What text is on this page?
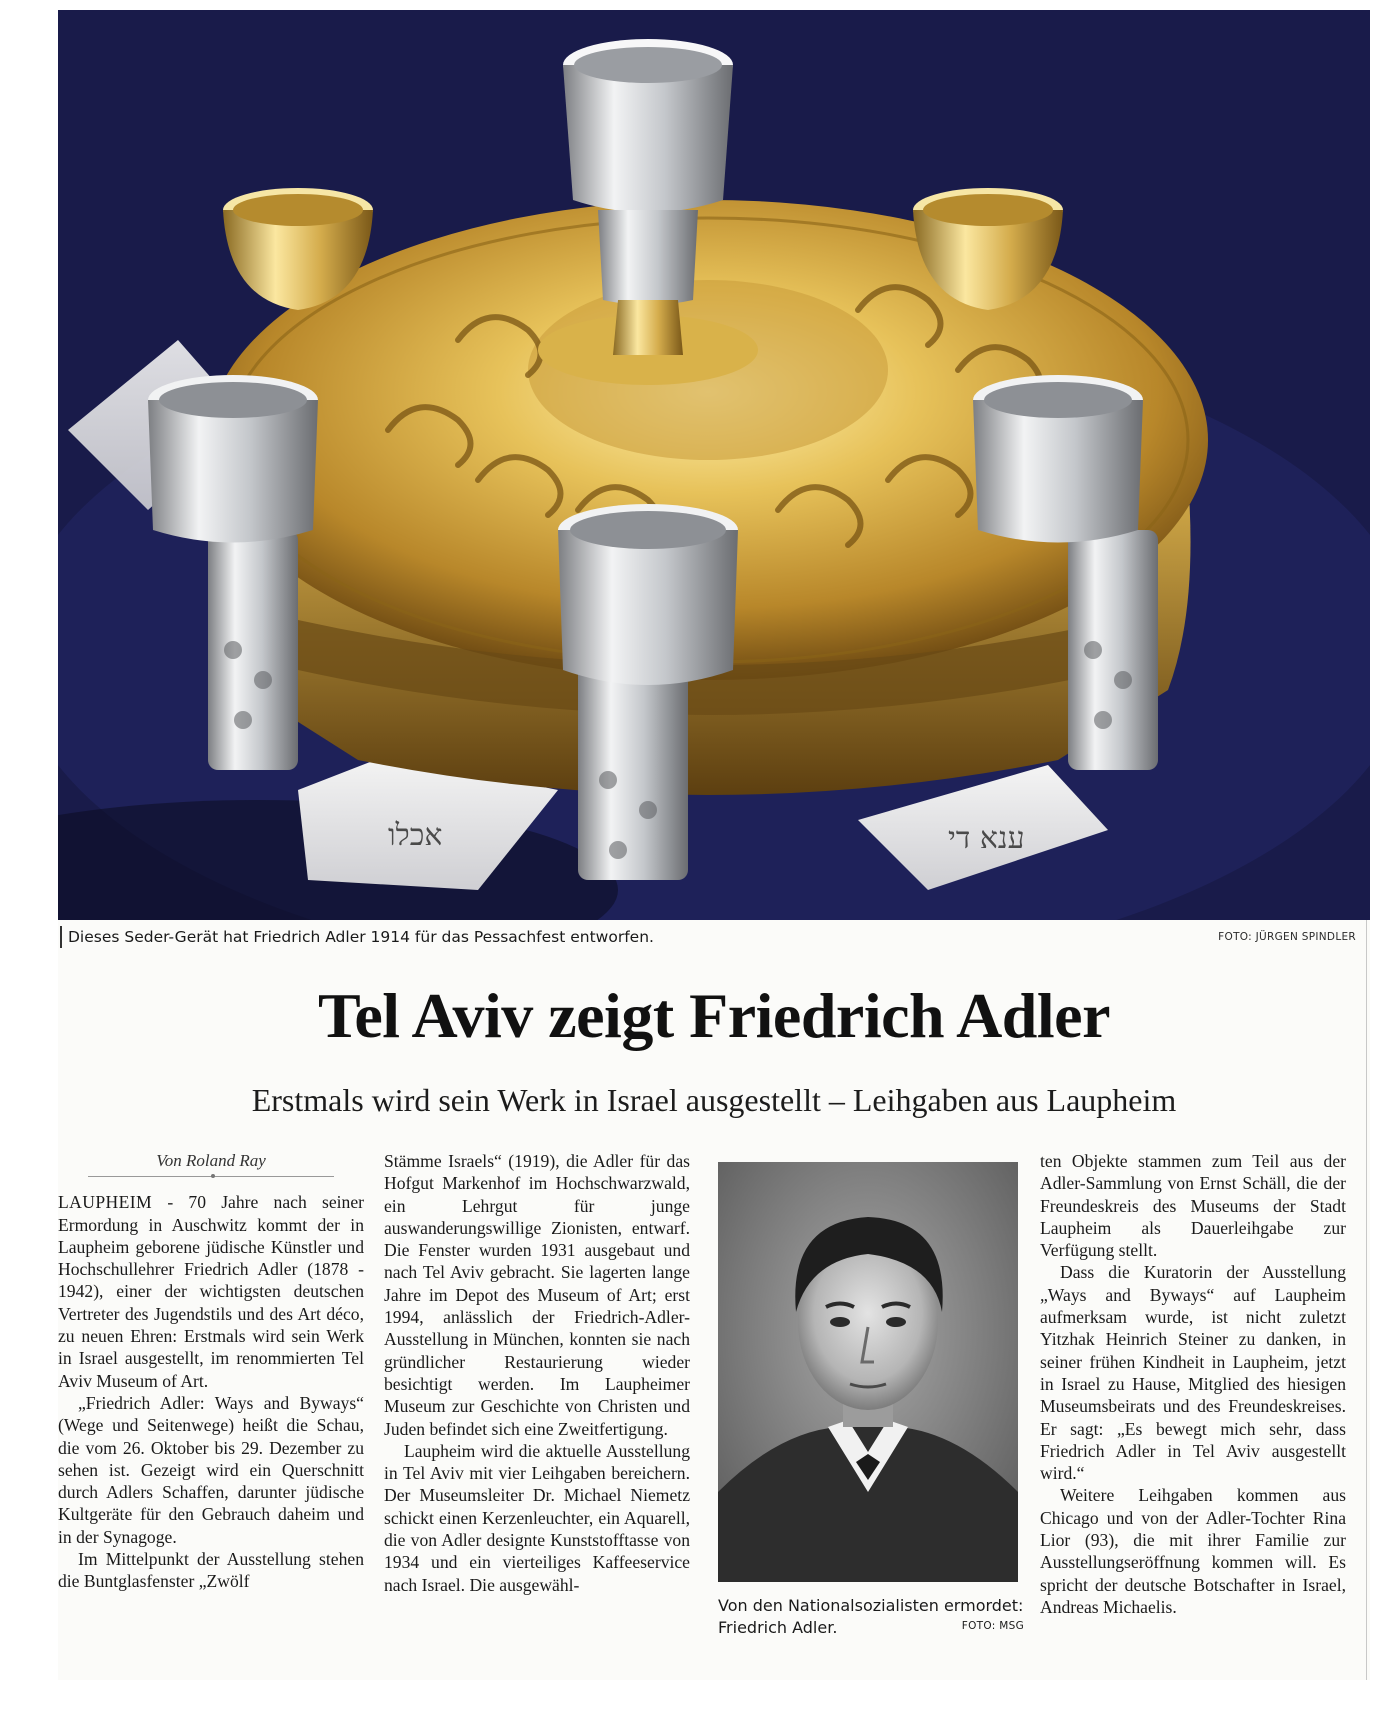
אכלו	ענא די
Dieses Seder-Gerät hat Friedrich Adler 1914 für das Pessachfest entworfen.	FOTO: JÜRGEN SPINDLER
Tel Aviv zeigt Friedrich Adler
Erstmals wird sein Werk in Israel ausgestellt – Leihgaben aus Laupheim

Von Roland Ray

LAUPHEIM - 70 Jahre nach seiner Ermordung in Auschwitz kommt der in Laupheim geborene jüdische Künstler und Hochschullehrer Friedrich Adler (1878 - 1942), einer der wichtigsten deutschen Vertreter des Jugendstils und des Art déco, zu neuen Ehren: Erstmals wird sein Werk in Israel ausgestellt, im renommierten Tel Aviv Museum of Art.

„Friedrich Adler: Ways and Byways“ (Wege und Seitenwege) heißt die Schau, die vom 26. Oktober bis 29. Dezember zu sehen ist. Gezeigt wird ein Querschnitt durch Adlers Schaffen, darunter jüdische Kultgeräte für den Gebrauch daheim und in der Synagoge.

Im Mittelpunkt der Ausstellung stehen die Buntglasfenster „Zwölf

Stämme Israels“ (1919), die Adler für das Hofgut Markenhof im Hochschwarzwald, ein Lehrgut für junge auswanderungswillige Zionisten, entwarf. Die Fenster wurden 1931 ausgebaut und nach Tel Aviv gebracht. Sie lagerten lange Jahre im Depot des Museum of Art; erst 1994, anlässlich der Friedrich-Adler-Ausstellung in München, konnten sie nach gründlicher Restaurierung wieder besichtigt werden. Im Laupheimer Museum zur Geschichte von Christen und Juden befindet sich eine Zweitfertigung.

Laupheim wird die aktuelle Ausstellung in Tel Aviv mit vier Leihgaben bereichern. Der Museumsleiter Dr. Michael Niemetz schickt einen Kerzenleuchter, ein Aquarell, die von Adler designte Kunststofftasse von 1934 und ein vierteiliges Kaffeeservice nach Israel. Die ausgewähl-

Von den Nationalsozialisten ermordet: Friedrich Adler.	FOTO: MSG

ten Objekte stammen zum Teil aus der Adler-Sammlung von Ernst Schäll, die der Freundeskreis des Museums der Stadt Laupheim als Dauerleihgabe zur Verfügung stellt.

Dass die Kuratorin der Ausstellung „Ways and Byways“ auf Laupheim aufmerksam wurde, ist nicht zuletzt Yitzhak Heinrich Steiner zu danken, in seiner frühen Kindheit in Laupheim, jetzt in Israel zu Hause, Mitglied des hiesigen Museumsbeirats und des Freundeskreises. Er sagt: „Es bewegt mich sehr, dass Friedrich Adler in Tel Aviv ausgestellt wird.“

Weitere Leihgaben kommen aus Chicago und von der Adler-Tochter Rina Lior (93), die mit ihrer Familie zur Ausstellungseröffnung kommen will. Es spricht der deutsche Botschafter in Israel, Andreas Michaelis.
